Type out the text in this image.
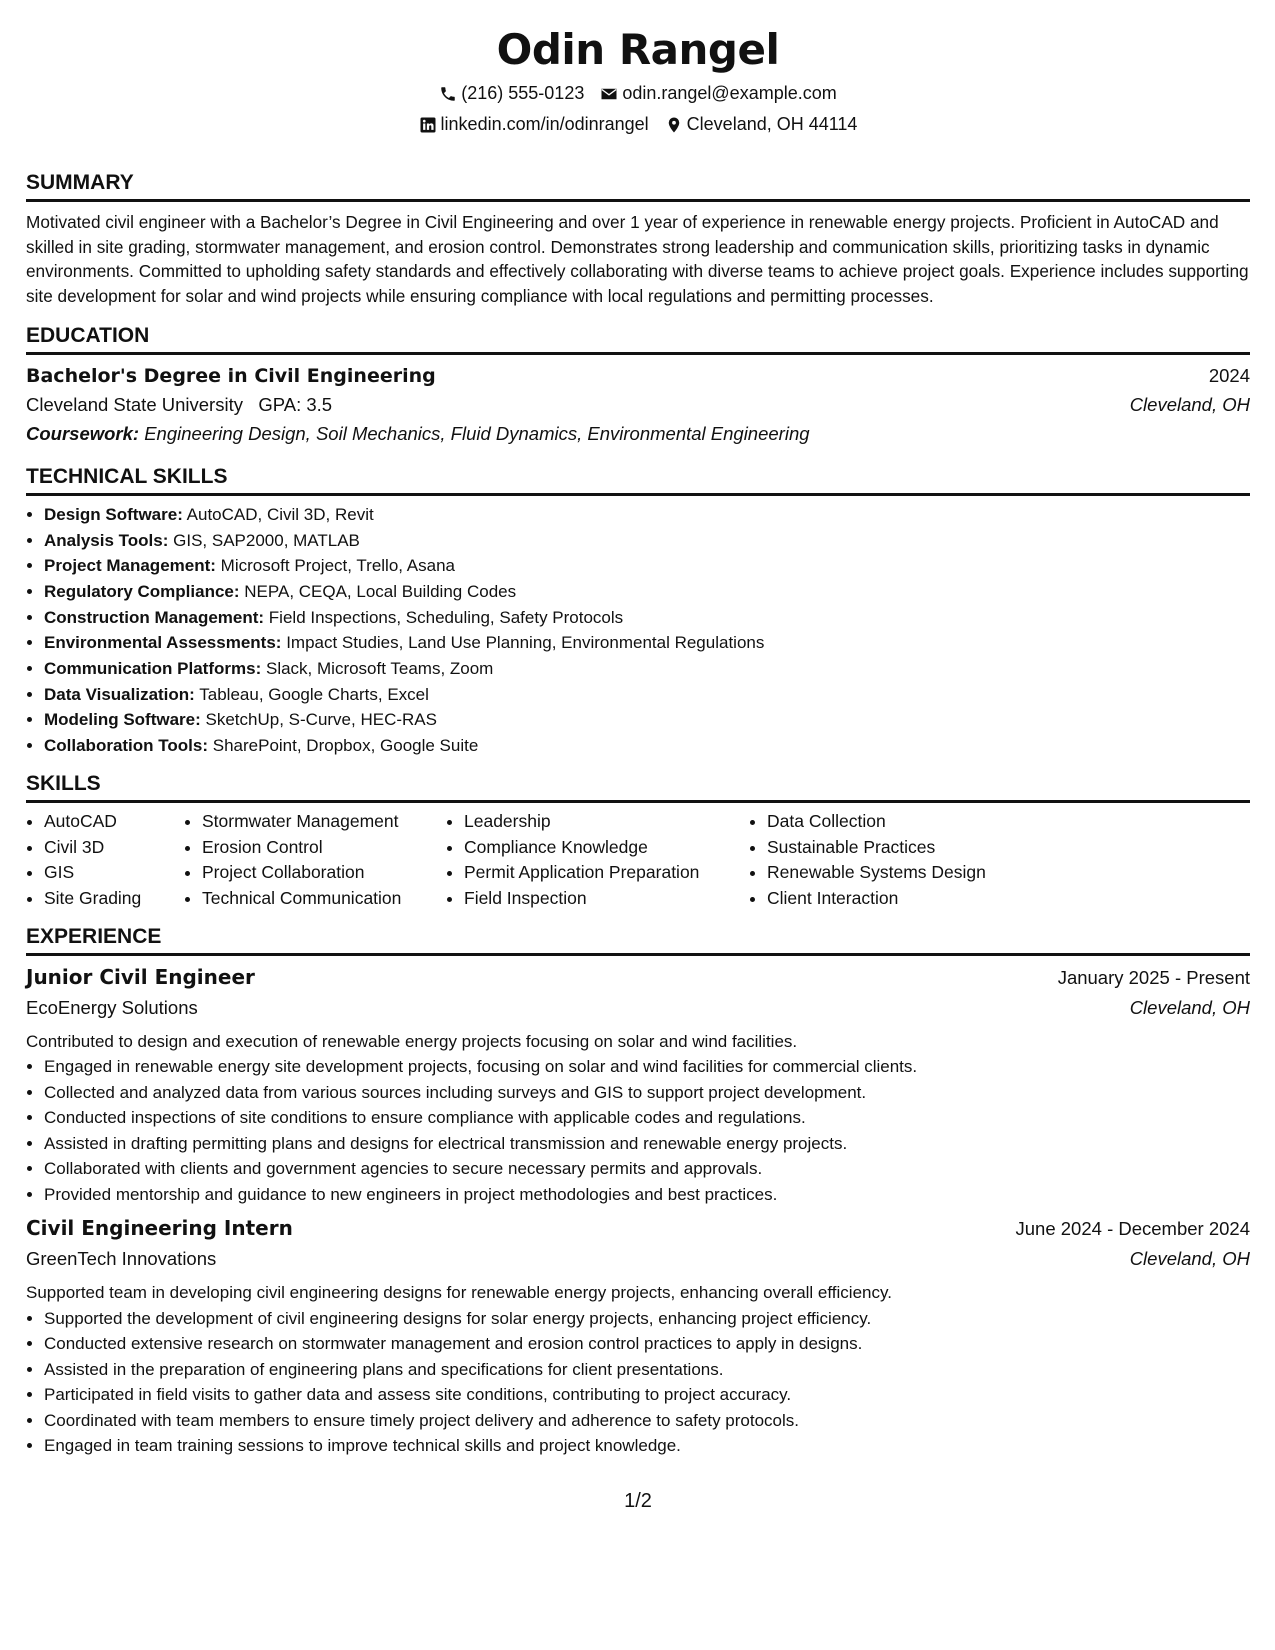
Odin Rangel
(216) 555-0123 odin.rangel@example.com
linkedin.com/in/odinrangel Cleveland, OH 44114
SUMMARY
Motivated civil engineer with a Bachelor’s Degree in Civil Engineering and over 1 year of experience in renewable energy projects. Proficient in AutoCAD and skilled in site grading, stormwater management, and erosion control. Demonstrates strong leadership and communication skills, prioritizing tasks in dynamic environments. Committed to upholding safety standards and effectively collaborating with diverse teams to achieve project goals. Experience includes supporting site development for solar and wind projects while ensuring compliance with local regulations and permitting processes.
EDUCATION
Bachelor's Degree in Civil Engineering	2024
Cleveland State University GPA: 3.5	Cleveland, OH
Coursework: Engineering Design, Soil Mechanics, Fluid Dynamics, Environmental Engineering
TECHNICAL SKILLS
• Design Software: AutoCAD, Civil 3D, Revit
• Analysis Tools: GIS, SAP2000, MATLAB
• Project Management: Microsoft Project, Trello, Asana
• Regulatory Compliance: NEPA, CEQA, Local Building Codes
• Construction Management: Field Inspections, Scheduling, Safety Protocols
• Environmental Assessments: Impact Studies, Land Use Planning, Environmental Regulations
• Communication Platforms: Slack, Microsoft Teams, Zoom
• Data Visualization: Tableau, Google Charts, Excel
• Modeling Software: SketchUp, S-Curve, HEC-RAS
• Collaboration Tools: SharePoint, Dropbox, Google Suite
SKILLS
• AutoCAD
• Civil 3D
• GIS
• Site Grading
• Stormwater Management
• Erosion Control
• Project Collaboration
• Technical Communication
• Leadership
• Compliance Knowledge
• Permit Application Preparation
• Field Inspection
• Data Collection
• Sustainable Practices
• Renewable Systems Design
• Client Interaction
EXPERIENCE
Junior Civil Engineer	January 2025 - Present
EcoEnergy Solutions	Cleveland, OH
Contributed to design and execution of renewable energy projects focusing on solar and wind facilities.
• Engaged in renewable energy site development projects, focusing on solar and wind facilities for commercial clients.
• Collected and analyzed data from various sources including surveys and GIS to support project development.
• Conducted inspections of site conditions to ensure compliance with applicable codes and regulations.
• Assisted in drafting permitting plans and designs for electrical transmission and renewable energy projects.
• Collaborated with clients and government agencies to secure necessary permits and approvals.
• Provided mentorship and guidance to new engineers in project methodologies and best practices.
Civil Engineering Intern	June 2024 - December 2024
GreenTech Innovations	Cleveland, OH
Supported team in developing civil engineering designs for renewable energy projects, enhancing overall efficiency.
• Supported the development of civil engineering designs for solar energy projects, enhancing project efficiency.
• Conducted extensive research on stormwater management and erosion control practices to apply in designs.
• Assisted in the preparation of engineering plans and specifications for client presentations.
• Participated in field visits to gather data and assess site conditions, contributing to project accuracy.
• Coordinated with team members to ensure timely project delivery and adherence to safety protocols.
• Engaged in team training sessions to improve technical skills and project knowledge.
1/2
